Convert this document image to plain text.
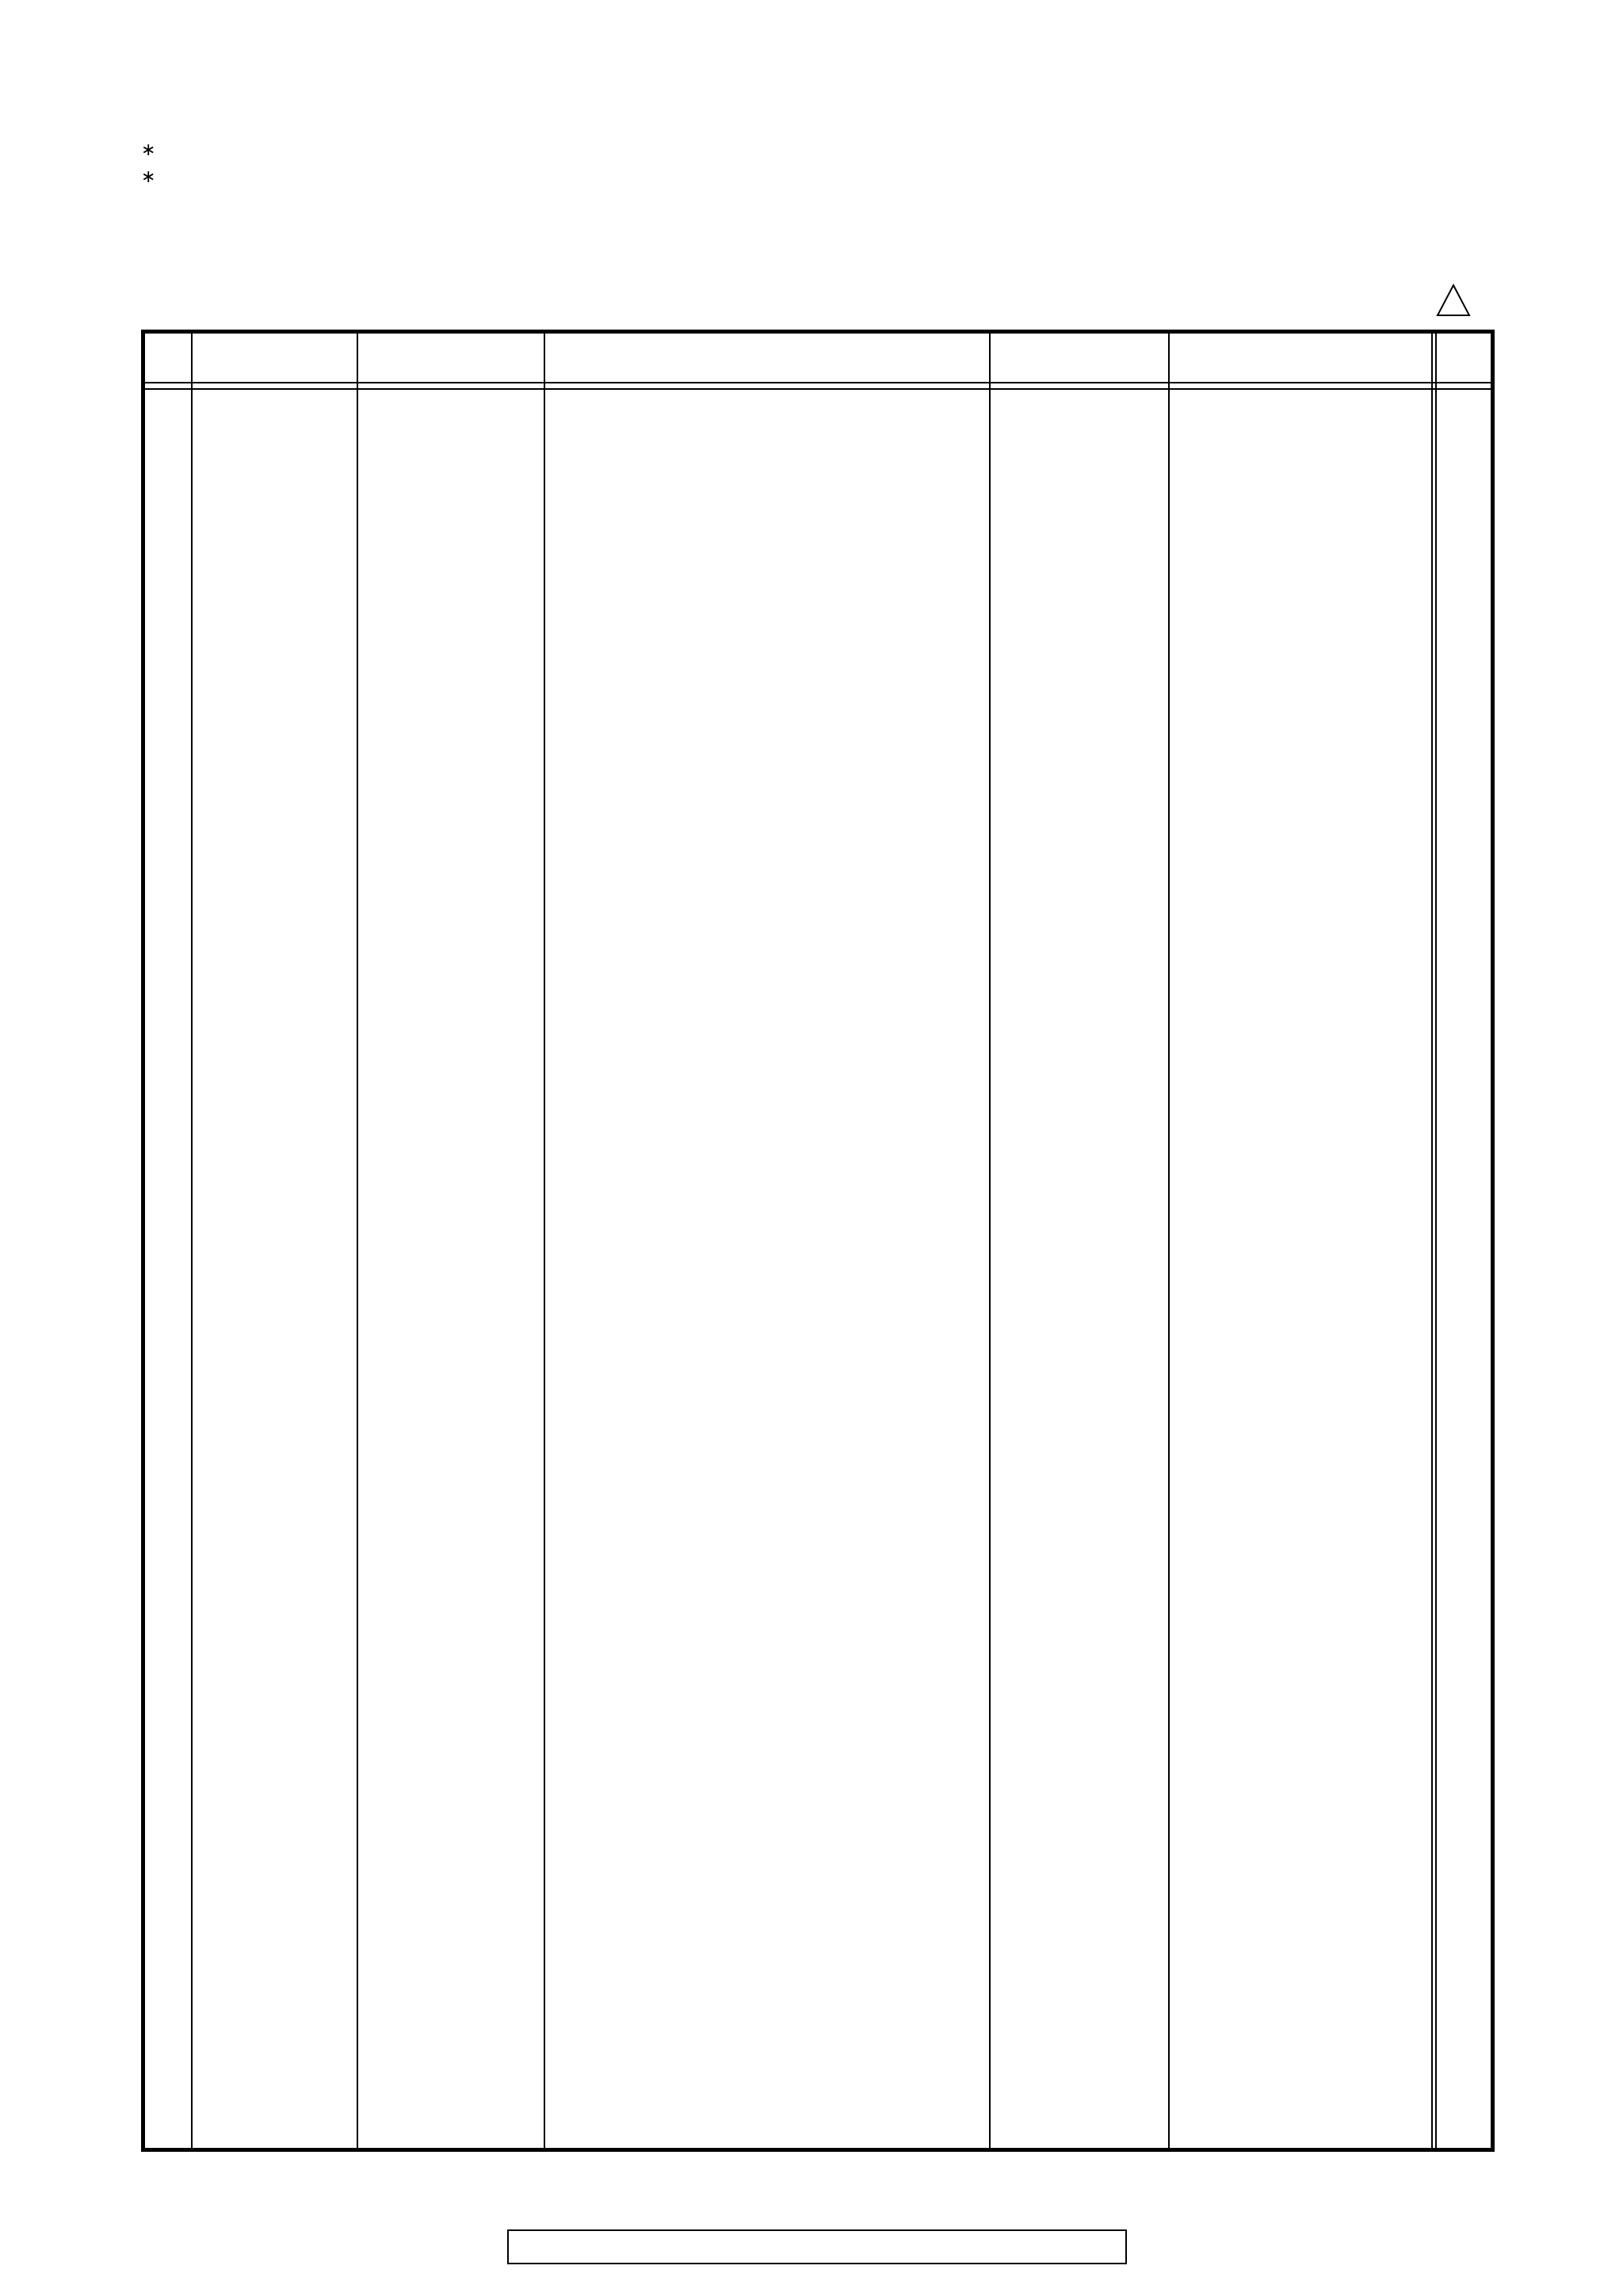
∗
∗
